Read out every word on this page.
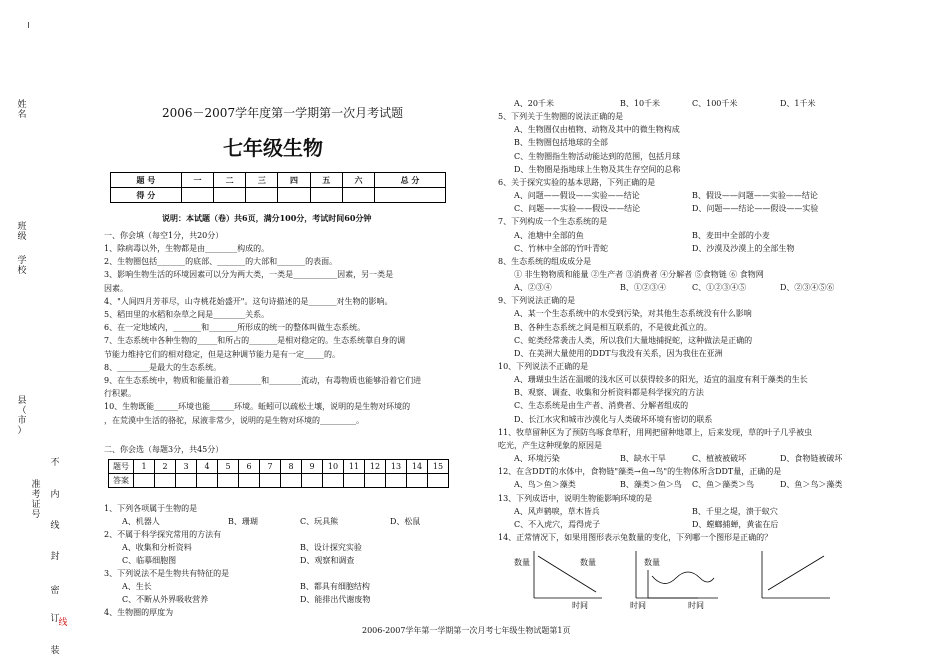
姓
名
班
级
学
校
县
（
市
）
准
考
证
号
不
内
线
封
密
订
线
装
2006－2007学年度第一学期第一次月考试题
七年级生物
题 号	一	二	三	四	五	六	总 分
得 分							
说明：本试题（卷）共6页，满分100分，考试时间60分钟
一、你会填（每空1分，共20分）
1、除病毒以外，生物都是由________构成的。
2、生物圈包括_______的底部、_______的大部和_______的表面。
3、影响生物生活的环境因素可以分为两大类，一类是___________因素，另一类是
因素。
4、"人间四月芳菲尽，山寺桃花始盛开"。这句诗描述的是_______对生物的影响。
5、稻田里的水稻和杂草之间是________关系。
6、在一定地域内，_______和_______所形成的统一的整体叫做生态系统。
7、生态系统中各种生物的_____和所占的_______是相对稳定的。生态系统靠自身的调
节能力维持它们的相对稳定，但是这种调节能力是有一定_____的。
8、________是最大的生态系统。
9、在生态系统中，物质和能量沿着________和________流动，有毒物质也能够沿着它们进
行积累。
10、生物既能______环境也能______环境。蚯蚓可以疏松土壤，说明的是生物对环境的
，在荒漠中生活的骆驼，尿液非常少，说明的是生物对环境的_________。
二、你会选（每题3分，共45分）
题号	1	2	3	4	5	6	7	8	9	10	11	12	13	14	15
答案															
1、下列各项属于生物的是
A、机器人	B、珊瑚	C、玩具熊	D、松鼠
2、不属于科学探究常用的方法有
A、收集和分析资料	B、设计探究实验
C、临摹细胞图	D、观察和调查
3、下列说法不是生物共有特征的是
A、生长	B、都具有细胞结构
C、不断从外界吸收营养	D、能排出代谢废物
4、生物圈的厚度为
A、20千米	B、10千米	C、100千米	D、1千米
5、下列关于生物圈的说法正确的是
A、生物圈仅由植物、动物及其中的微生物构成
B、生物圈包括地球的全部
C、生物圈指生物活动能达到的范围，包括月球
D、生物圈是指地球上生物及其生存空间的总称
6、关于探究实验的基本思路，下列正确的是
A、问题——假设——实验——结论	B、假设——问题——实验——结论
C、问题——实验——假设——结论	D、问题——结论——假设——实验
7、下列构成一个生态系统的是
A、池塘中全部的鱼	B、麦田中全部的小麦
C、竹林中全部的竹叶青蛇	D、沙漠及沙漠上的全部生物
8、生态系统的组成成分是
① 非生物物质和能量 ②生产者 ③消费者 ④分解者 ⑤食物链 ⑥ 食物网
A、②③④	B、①②③④	C、①②③④⑤	D、②③④⑤⑥
9、下列说法正确的是
A、某一个生态系统中的水受到污染，对其他生态系统没有什么影响
B、各种生态系统之间是相互联系的，不是彼此孤立的。
C、蛇类经常袭击人类，所以我们大量地捕捉蛇，这种做法是正确的
D、在美洲大量使用的DDT与我没有关系，因为我住在亚洲
10、下列说法不正确的是
A、珊瑚虫生活在温暖的浅水区可以获得较多的阳光，适宜的温度有利于藻类的生长
B、观察、调查、收集和分析资料都是科学探究的方法
C、生态系统是由生产者、消费者、分解者组成的
D、长江水灾和城市沙漠化与人类破坏环境有密切的联系
11、牧草留种区为了预防鸟啄食草籽，用网把留种地罩上，后来发现，草的叶子几乎被虫
吃光，产生这种现象的原因是
A、环境污染	B、缺水干旱	C、植被被破坏	D、食物链被破坏
12、在含DDT的水体中，食物链"藻类→鱼→鸟"的生物体所含DDT量，正确的是
A、鸟＞鱼＞藻类	B、藻类＞鱼＞鸟 C、鱼＞藻类＞鸟	D、鱼＞鸟＞藻类
13、下列成语中，说明生物能影响环境的是
A、风声鹤唳，草木皆兵	B、千里之堤，溃于蚁穴
C、不入虎穴，焉得虎子	D、螳螂捕蝉，黄雀在后
14、正常情况下，如果用图形表示兔数量的变化，下列哪一个图形是正确的？
数量
时间
数量
时间
数量
时间
2006-2007学年第一学期第一次月考七年级生物试题第1页
